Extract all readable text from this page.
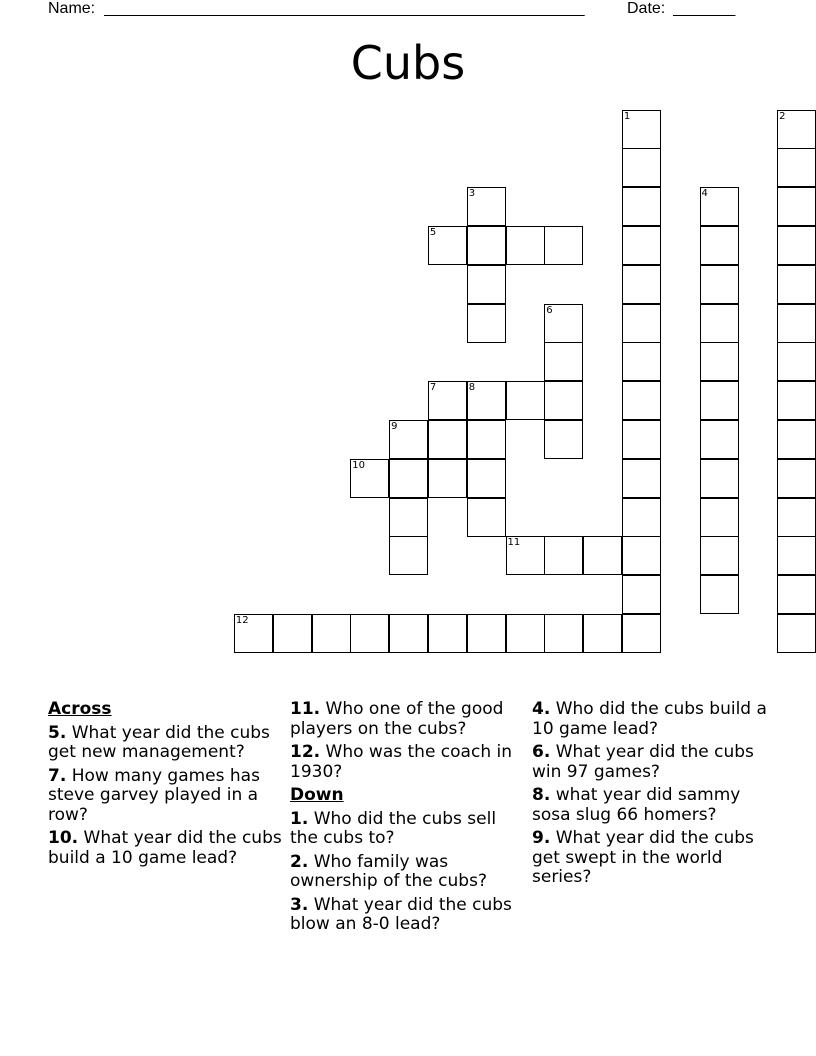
Name: ______________________________________________________	Date: _______
Cubs
1	2
3	4
5
6
7	8
9
10
11
12
Across
5. What year did the cubs get new management?
7. How many games has steve garvey played in a row?
10. What year did the cubs build a 10 game lead?
11. Who one of the good players on the cubs?
12. Who was the coach in 1930?
Down
1. Who did the cubs sell the cubs to?
2. Who family was ownership of the cubs?
3. What year did the cubs blow an 8-0 lead?
4. Who did the cubs build a 10 game lead?
6. What year did the cubs win 97 games?
8. what year did sammy sosa slug 66 homers?
9. What year did the cubs get swept in the world series?
